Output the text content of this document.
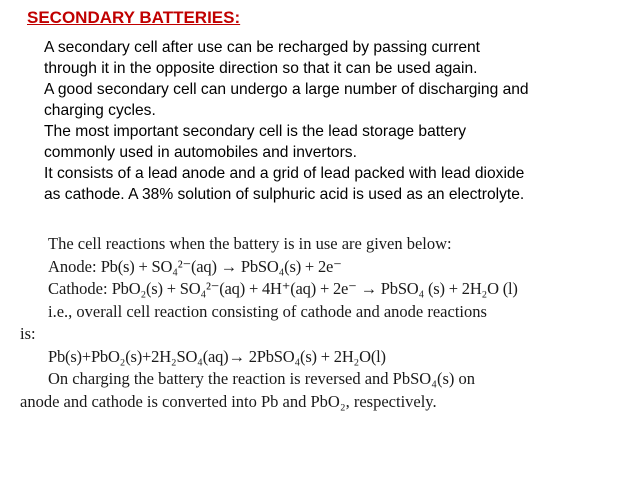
SECONDARY BATTERIES:
A secondary cell after use can be recharged by passing current
through it in the opposite direction so that it can be used again.
A good secondary cell can undergo a large number of discharging and
charging cycles.
The most important secondary cell is the lead storage battery
commonly used in automobiles and invertors.
It consists of a lead anode and a grid of lead packed with lead dioxide
as cathode. A 38% solution of sulphuric acid is used as an electrolyte.
The cell reactions when the battery is in use are given below:
Anode: Pb(s) + SO₄²⁻(aq) → PbSO₄(s) + 2e⁻
Cathode: PbO₂(s) + SO₄²⁻(aq) + 4H⁺(aq) + 2e⁻ → PbSO₄ (s) + 2H₂O (l)
i.e., overall cell reaction consisting of cathode and anode reactions
is:
Pb(s)+PbO₂(s)+2H₂SO₄(aq)→ 2PbSO₄(s) + 2H₂O(l)
On charging the battery the reaction is reversed and PbSO₄(s) on
anode and cathode is converted into Pb and PbO₂, respectively.
